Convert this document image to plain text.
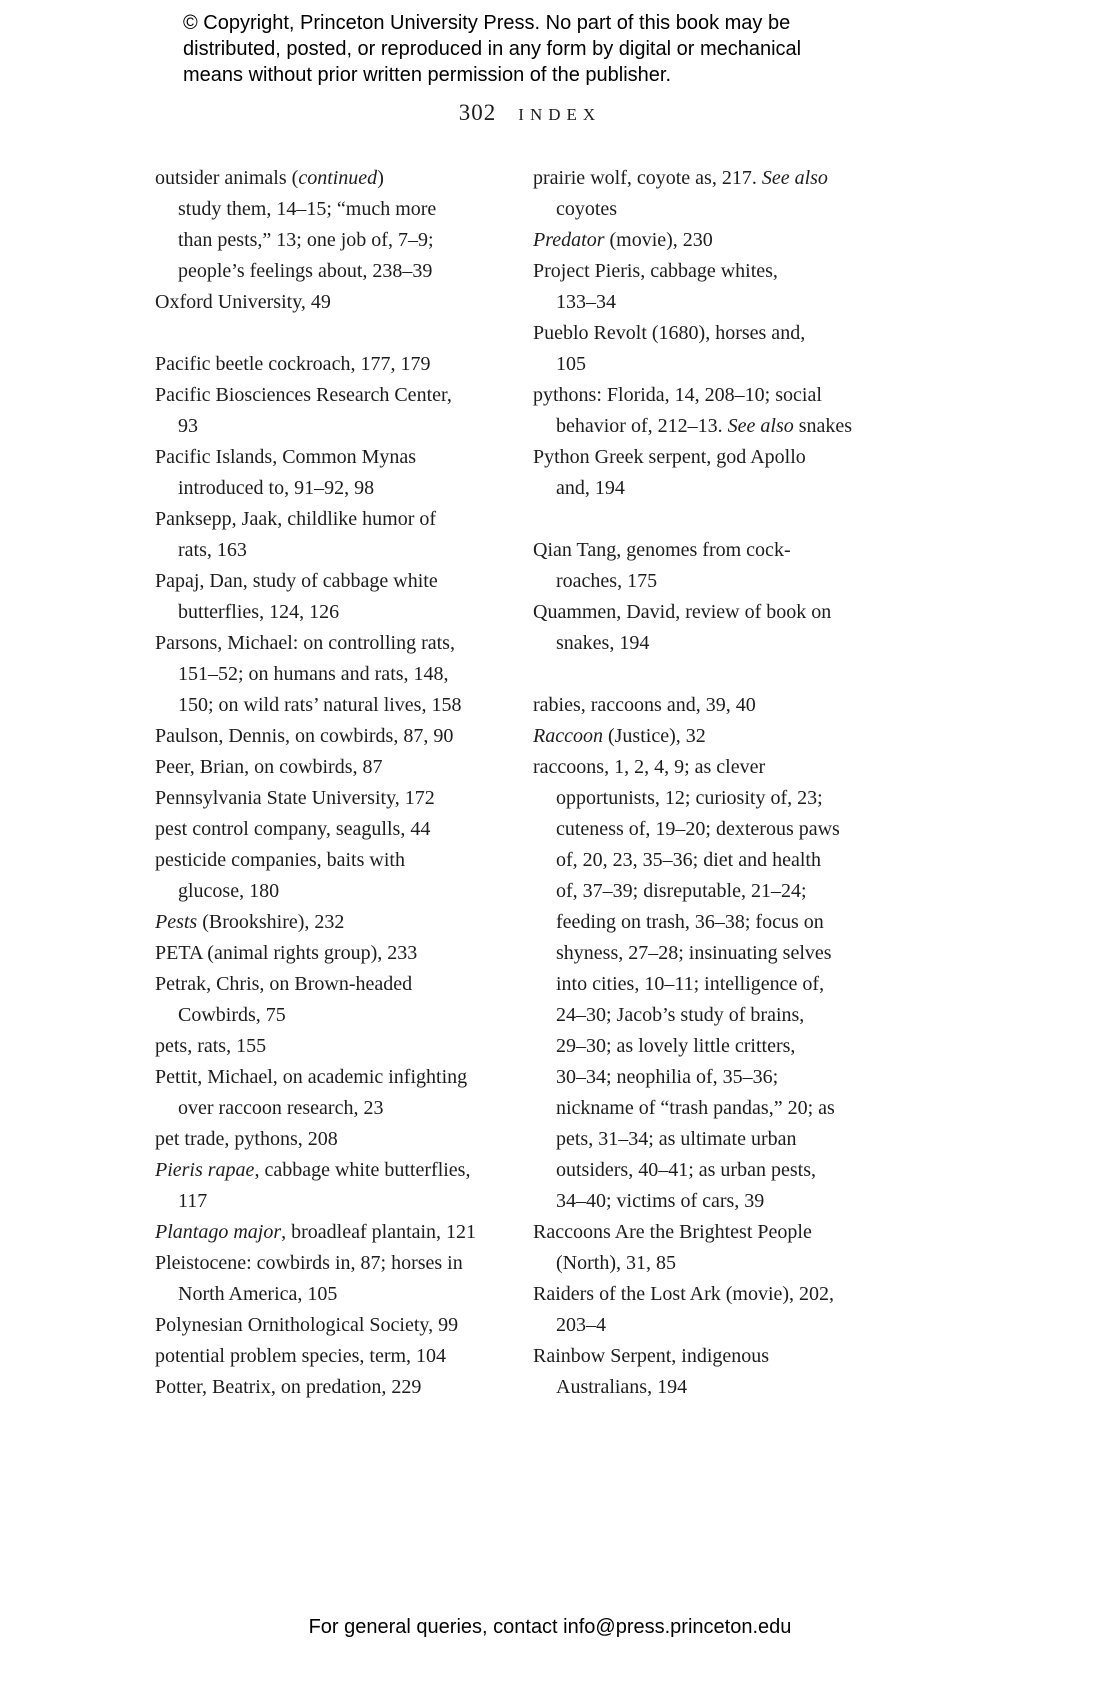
© Copyright, Princeton University Press. No part of this book may be
distributed, posted, or reproduced in any form by digital or mechanical
means without prior written permission of the publisher.
302 INDEX
outsider animals (continued)
study them, 14–15; “much more
than pests,” 13; one job of, 7–9;
people’s feelings about, 238–39
Oxford University, 49
Pacific beetle cockroach, 177, 179
Pacific Biosciences Research Center,
93
Pacific Islands, Common Mynas
introduced to, 91–92, 98
Panksepp, Jaak, childlike humor of
rats, 163
Papaj, Dan, study of cabbage white
butterflies, 124, 126
Parsons, Michael: on controlling rats,
151–52; on humans and rats, 148,
150; on wild rats’ natural lives, 158
Paulson, Dennis, on cowbirds, 87, 90
Peer, Brian, on cowbirds, 87
Pennsylvania State University, 172
pest control company, seagulls, 44
pesticide companies, baits with
glucose, 180
Pests (Brookshire), 232
PETA (animal rights group), 233
Petrak, Chris, on Brown-headed
Cowbirds, 75
pets, rats, 155
Pettit, Michael, on academic infighting
over raccoon research, 23
pet trade, pythons, 208
Pieris rapae, cabbage white butterflies,
117
Plantago major, broadleaf plantain, 121
Pleistocene: cowbirds in, 87; horses in
North America, 105
Polynesian Ornithological Society, 99
potential problem species, term, 104
Potter, Beatrix, on predation, 229
prairie wolf, coyote as, 217. See also
coyotes
Predator (movie), 230
Project Pieris, cabbage whites,
133–34
Pueblo Revolt (1680), horses and,
105
pythons: Florida, 14, 208–10; social
behavior of, 212–13. See also snakes
Python Greek serpent, god Apollo
and, 194
Qian Tang, genomes from cock-
roaches, 175
Quammen, David, review of book on
snakes, 194
rabies, raccoons and, 39, 40
Raccoon (Justice), 32
raccoons, 1, 2, 4, 9; as clever
opportunists, 12; curiosity of, 23;
cuteness of, 19–20; dexterous paws
of, 20, 23, 35–36; diet and health
of, 37–39; disreputable, 21–24;
feeding on trash, 36–38; focus on
shyness, 27–28; insinuating selves
into cities, 10–11; intelligence of,
24–30; Jacob’s study of brains,
29–30; as lovely little critters,
30–34; neophilia of, 35–36;
nickname of “trash pandas,” 20; as
pets, 31–34; as ultimate urban
outsiders, 40–41; as urban pests,
34–40; victims of cars, 39
Raccoons Are the Brightest People
(North), 31, 85
Raiders of the Lost Ark (movie), 202,
203–4
Rainbow Serpent, indigenous
Australians, 194
For general queries, contact info@press.princeton.edu
